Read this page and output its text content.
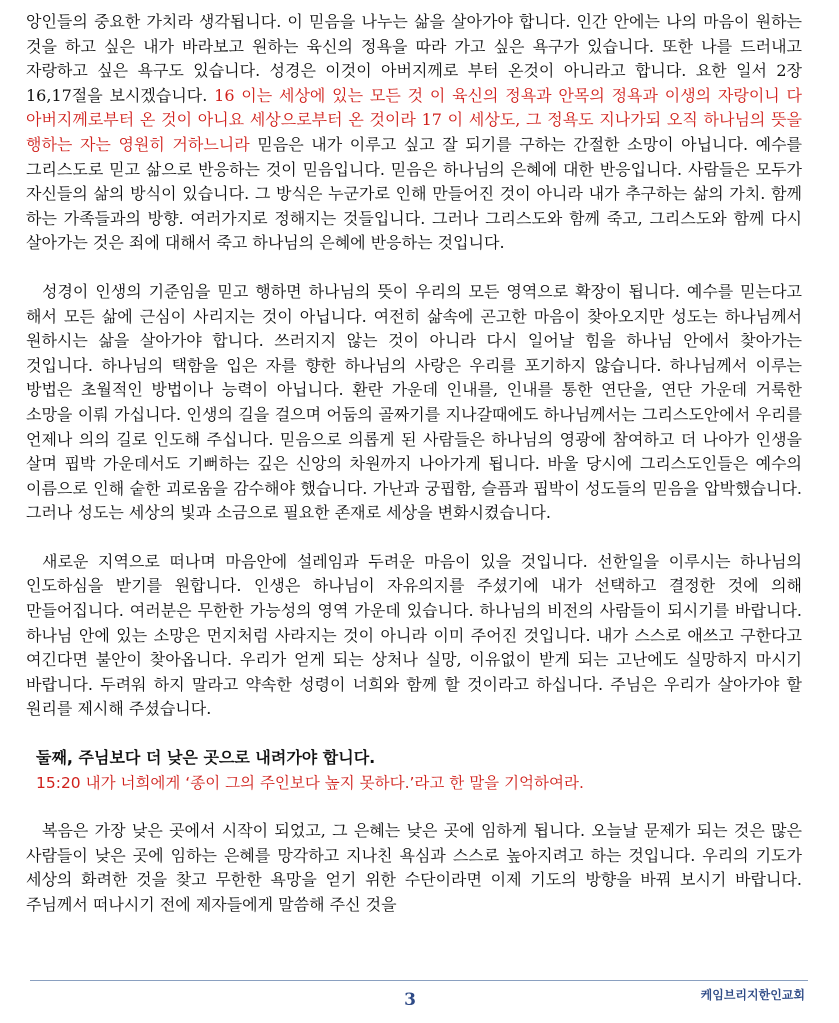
앙인들의 중요한 가치라 생각됩니다. 이 믿음을 나누는 삶을 살아가야 합니다. 인간 안에는 나의 마음이 원하는 것을 하고 싶은 내가 바라보고 원하는 육신의 정욕을 따라 가고 싶은 욕구가 있습니다. 또한 나를 드러내고 자랑하고 싶은 욕구도 있습니다. 성경은 이것이 아버지께로 부터 온것이 아니라고 합니다. 요한 일서 2장 16,17절을 보시겠습니다. 16 이는 세상에 있는 모든 것 이 육신의 정욕과 안목의 정욕과 이생의 자랑이니 다 아버지께로부터 온 것이 아니요 세상으로부터 온 것이라 17 이 세상도, 그 정욕도 지나가되 오직 하나님의 뜻을 행하는 자는 영원히 거하느니라 믿음은 내가 이루고 싶고 잘 되기를 구하는 간절한 소망이 아닙니다. 예수를 그리스도로 믿고 삶으로 반응하는 것이 믿음입니다. 믿음은 하나님의 은혜에 대한 반응입니다. 사람들은 모두가 자신들의 삶의 방식이 있습니다. 그 방식은 누군가로 인해 만들어진 것이 아니라 내가 추구하는 삶의 가치. 함께 하는 가족들과의 방향. 여러가지로 정해지는 것들입니다. 그러나 그리스도와 함께 죽고, 그리스도와 함께 다시 살아가는 것은 죄에 대해서 죽고 하나님의 은혜에 반응하는 것입니다.

성경이 인생의 기준임을 믿고 행하면 하나님의 뜻이 우리의 모든 영역으로 확장이 됩니다. 예수를 믿는다고 해서 모든 삶에 근심이 사리지는 것이 아닙니다. 여전히 삶속에 곤고한 마음이 찾아오지만 성도는 하나님께서 원하시는 삶을 살아가야 합니다. 쓰러지지 않는 것이 아니라 다시 일어날 힘을 하나님 안에서 찾아가는 것입니다. 하나님의 택함을 입은 자를 향한 하나님의 사랑은 우리를 포기하지 않습니다. 하나님께서 이루는 방법은 초월적인 방법이나 능력이 아닙니다. 환란 가운데 인내를, 인내를 통한 연단을, 연단 가운데 거룩한 소망을 이뤄 가십니다. 인생의 길을 걸으며 어둠의 골짜기를 지나갈때에도 하나님께서는 그리스도안에서 우리를 언제나 의의 길로 인도해 주십니다. 믿음으로 의롭게 된 사람들은 하나님의 영광에 참여하고 더 나아가 인생을 살며 핍박 가운데서도 기뻐하는 깊은 신앙의 차원까지 나아가게 됩니다. 바울 당시에 그리스도인들은 예수의 이름으로 인해 숱한 괴로움을 감수해야 했습니다. 가난과 궁핍함, 슬픔과 핍박이 성도들의 믿음을 압박했습니다. 그러나 성도는 세상의 빛과 소금으로 필요한 존재로 세상을 변화시켰습니다.

새로운 지역으로 떠나며 마음안에 설레임과 두려운 마음이 있을 것입니다. 선한일을 이루시는 하나님의 인도하심을 받기를 원합니다. 인생은 하나님이 자유의지를 주셨기에 내가 선택하고 결정한 것에 의해 만들어집니다. 여러분은 무한한 가능성의 영역 가운데 있습니다. 하나님의 비전의 사람들이 되시기를 바랍니다. 하나님 안에 있는 소망은 먼지처럼 사라지는 것이 아니라 이미 주어진 것입니다. 내가 스스로 애쓰고 구한다고 여긴다면 불안이 찾아옵니다. 우리가 얻게 되는 상처나 실망, 이유없이 받게 되는 고난에도 실망하지 마시기 바랍니다. 두려워 하지 말라고 약속한 성령이 너희와 함께 할 것이라고 하십니다. 주님은 우리가 살아가야 할 원리를 제시해 주셨습니다.

둘째, 주님보다 더 낮은 곳으로 내려가야 합니다.

15:20 내가 너희에게 ‘종이 그의 주인보다 높지 못하다.’라고 한 말을 기억하여라.

복음은 가장 낮은 곳에서 시작이 되었고, 그 은혜는 낮은 곳에 임하게 됩니다. 오늘날 문제가 되는 것은 많은 사람들이 낮은 곳에 임하는 은혜를 망각하고 지나친 욕심과 스스로 높아지려고 하는 것입니다. 우리의 기도가 세상의 화려한 것을 찾고 무한한 욕망을 얻기 위한 수단이라면 이제 기도의 방향을 바꿔 보시기 바랍니다. 주님께서 떠나시기 전에 제자들에게 말씀해 주신 것을

3	케임브리지한인교회
